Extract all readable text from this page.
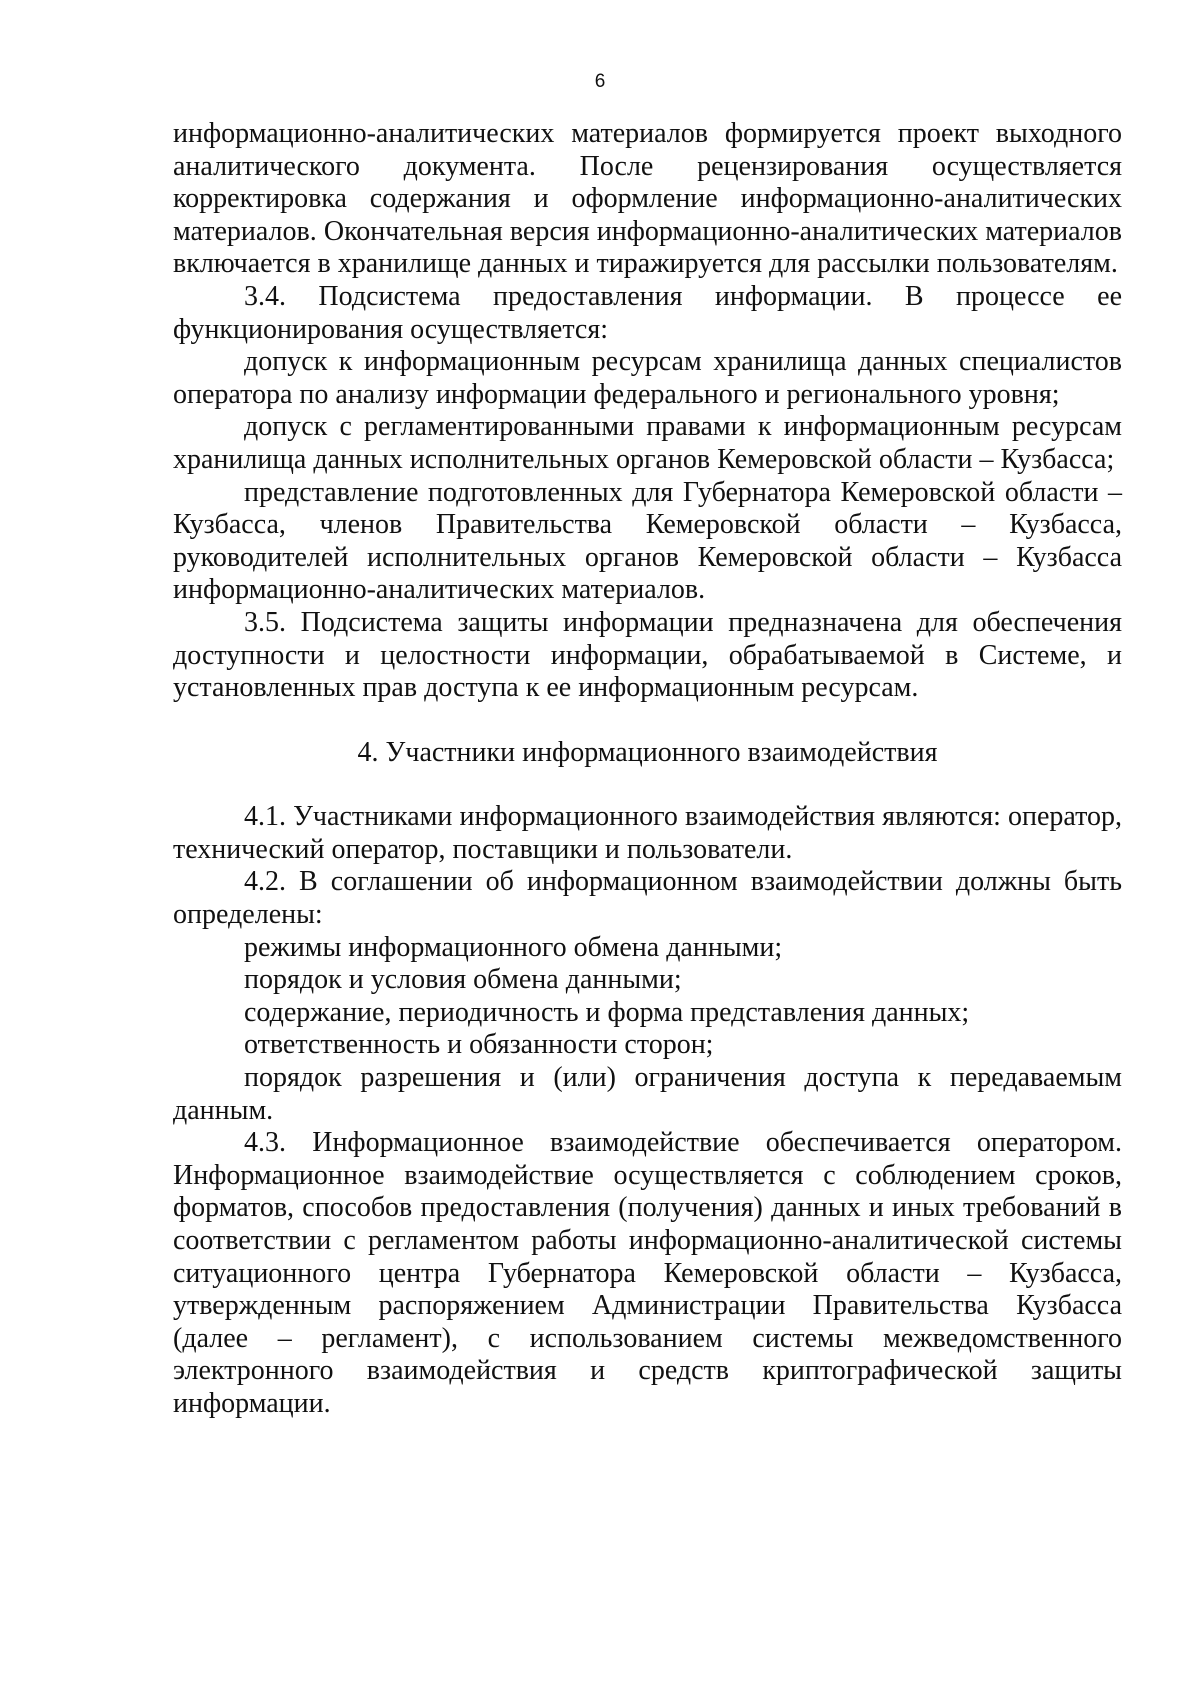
6

информационно-аналитических материалов формируется проект выходного аналитического документа. После рецензирования осуществляется корректировка содержания и оформление информационно-аналитических материалов. Окончательная версия информационно-аналитических материалов включается в хранилище данных и тиражируется для рассылки пользователям.

3.4. Подсистема предоставления информации. В процессе ее функционирования осуществляется:

допуск к информационным ресурсам хранилища данных специалистов оператора по анализу информации федерального и регионального уровня;

допуск с регламентированными правами к информационным ресурсам хранилища данных исполнительных органов Кемеровской области – Кузбасса;

представление подготовленных для Губернатора Кемеровской области – Кузбасса, членов Правительства Кемеровской области – Кузбасса, руководителей исполнительных органов Кемеровской области – Кузбасса информационно-аналитических материалов.

3.5. Подсистема защиты информации предназначена для обеспечения доступности и целостности информации, обрабатываемой в Системе, и установленных прав доступа к ее информационным ресурсам.

4. Участники информационного взаимодействия

4.1. Участниками информационного взаимодействия являются: оператор, технический оператор, поставщики и пользователи.

4.2. В соглашении об информационном взаимодействии должны быть определены:

режимы информационного обмена данными;

порядок и условия обмена данными;

содержание, периодичность и форма представления данных;

ответственность и обязанности сторон;

порядок разрешения и (или) ограничения доступа к передаваемым данным.

4.3. Информационное взаимодействие обеспечивается оператором. Информационное взаимодействие осуществляется с соблюдением сроков, форматов, способов предоставления (получения) данных и иных требований в соответствии с регламентом работы информационно-аналитической системы ситуационного центра Губернатора Кемеровской области – Кузбасса, утвержденным распоряжением Администрации Правительства Кузбасса (далее – регламент), с использованием системы межведомственного электронного взаимодействия и средств криптографической защиты информации.
